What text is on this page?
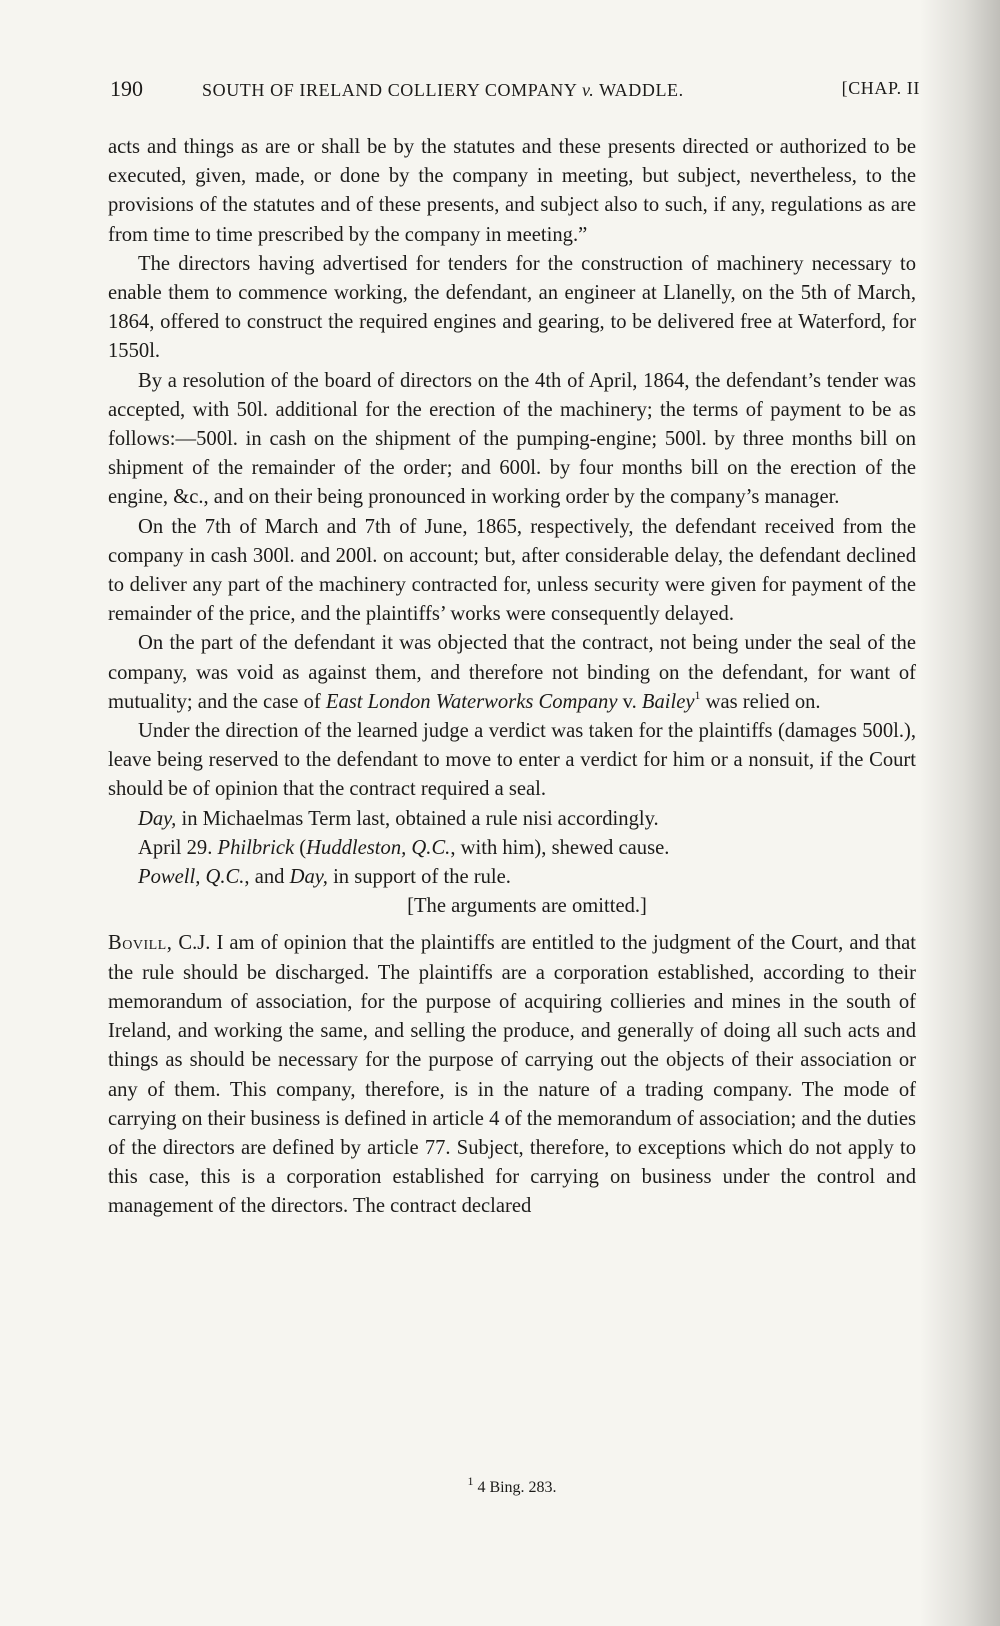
190	SOUTH OF IRELAND COLLIERY COMPANY v. WADDLE.	[CHAP. II

acts and things as are or shall be by the statutes and these presents directed or authorized to be executed, given, made, or done by the company in meeting, but subject, nevertheless, to the provisions of the statutes and of these presents, and subject also to such, if any, regulations as are from time to time prescribed by the company in meeting.”

The directors having advertised for tenders for the construction of machinery necessary to enable them to commence working, the defendant, an engineer at Llanelly, on the 5th of March, 1864, offered to construct the required engines and gearing, to be delivered free at Waterford, for 1550l.

By a resolution of the board of directors on the 4th of April, 1864, the defendant’s tender was accepted, with 50l. additional for the erection of the machinery; the terms of payment to be as follows:—500l. in cash on the shipment of the pumping-engine; 500l. by three months bill on shipment of the remainder of the order; and 600l. by four months bill on the erection of the engine, &c., and on their being pronounced in working order by the company’s manager.

On the 7th of March and 7th of June, 1865, respectively, the defendant received from the company in cash 300l. and 200l. on account; but, after considerable delay, the defendant declined to deliver any part of the machinery contracted for, unless security were given for payment of the remainder of the price, and the plaintiffs’ works were consequently delayed.

On the part of the defendant it was objected that the contract, not being under the seal of the company, was void as against them, and therefore not binding on the defendant, for want of mutuality; and the case of East London Waterworks Company v. Bailey$^1$ was relied on.

Under the direction of the learned judge a verdict was taken for the plaintiffs (damages 500l.), leave being reserved to the defendant to move to enter a verdict for him or a nonsuit, if the Court should be of opinion that the contract required a seal.

Day, in Michaelmas Term last, obtained a rule nisi accordingly.

April 29. Philbrick (Huddleston, Q.C., with him), shewed cause.

Powell, Q.C., and Day, in support of the rule.

[The arguments are omitted.]

Bovill, C.J. I am of opinion that the plaintiffs are entitled to the judgment of the Court, and that the rule should be discharged. The plaintiffs are a corporation established, according to their memorandum of association, for the purpose of acquiring collieries and mines in the south of Ireland, and working the same, and selling the produce, and generally of doing all such acts and things as should be necessary for the purpose of carrying out the objects of their association or any of them. This company, therefore, is in the nature of a trading company. The mode of carrying on their business is defined in article 4 of the memorandum of association; and the duties of the directors are defined by article 77. Subject, therefore, to exceptions which do not apply to this case, this is a corporation established for carrying on business under the control and management of the directors. The contract declared

$^1$ 4 Bing. 283.
